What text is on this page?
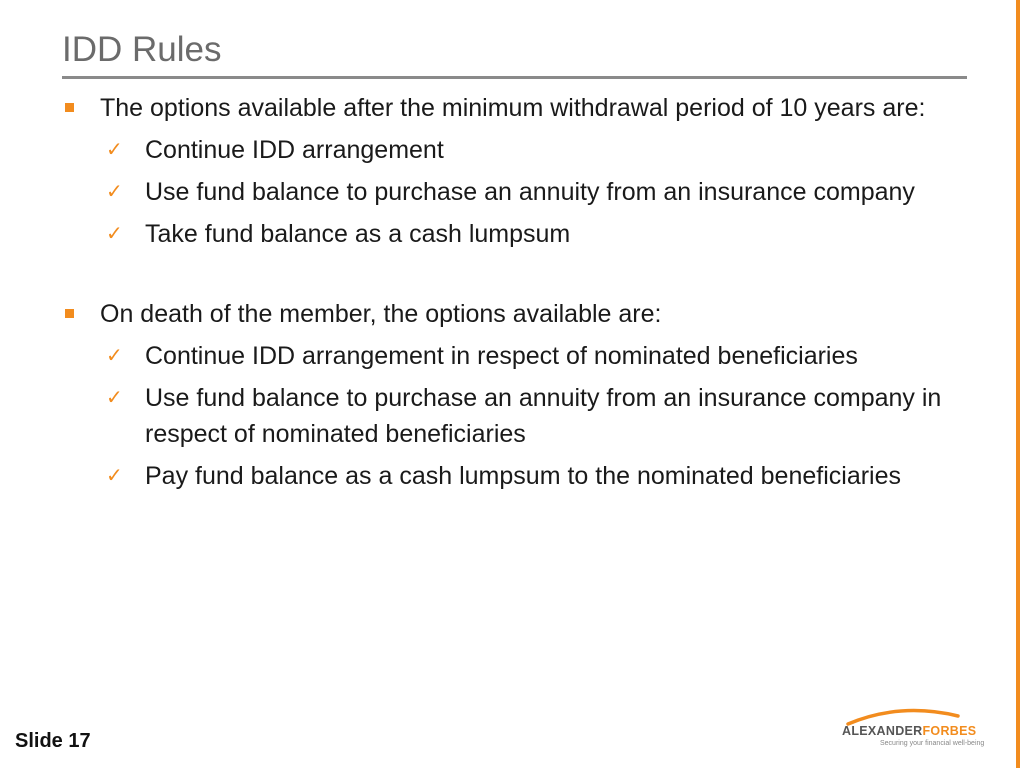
IDD Rules
The options available after the minimum withdrawal period of 10 years are:
✓ Continue IDD arrangement
✓ Use fund balance to purchase an annuity from an insurance company
✓ Take fund balance as a cash lumpsum
On death of the member, the options available are:
✓ Continue IDD arrangement in respect of nominated beneficiaries
✓ Use fund balance to purchase an annuity from an insurance company in respect of nominated beneficiaries
✓ Pay fund balance as a cash lumpsum to the nominated beneficiaries
Slide 17	ALEXANDERFORBES
Securing your financial well-being
